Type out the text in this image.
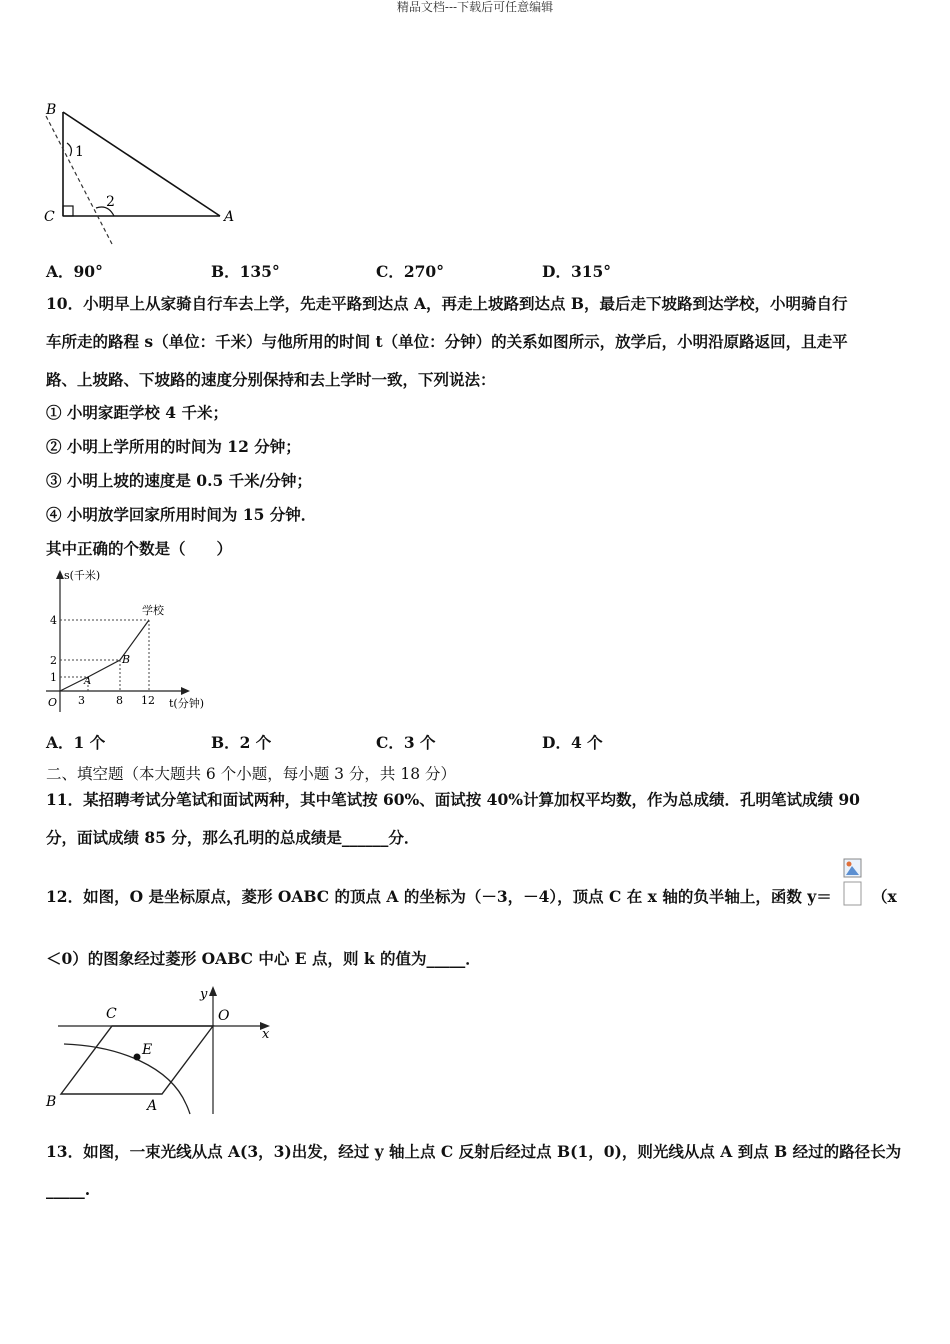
精品文档---下载后可任意编辑
B
C	A
1
2
A．90°	B．135°	C．270°	D．315°
10．小明早上从家骑自行车去上学，先走平路到达点 A，再走上坡路到达点 B，最后走下坡路到达学校，小明骑自行
车所走的路程 s（单位：千米）与他所用的时间 t（单位：分钟）的关系如图所示，放学后，小明沿原路返回，且走平
路、上坡路、下坡路的速度分别保持和去上学时一致，下列说法：
① 小明家距学校 4 千米；
② 小明上学所用的时间为 12 分钟；
③ 小明上坡的速度是 0.5 千米/分钟；
④ 小明放学回家所用时间为 15 分钟．
其中正确的个数是（　　）
s(千米)
t(分钟)
学校
O
4
2
1
3	8 12
A
B
A．1 个	B．2 个	C．3 个	D．4 个
二、填空题（本大题共 6 个小题，每小题 3 分，共 18 分）
11．某招聘考试分笔试和面试两种，其中笔试按 60%、面试按 40%计算加权平均数，作为总成绩．孔明笔试成绩 90
分，面试成绩 85 分，那么孔明的总成绩是______分．
12．如图，O 是坐标原点，菱形 OABC 的顶点 A 的坐标为（－3，－4），顶点 C 在 x 轴的负半轴上，函数 y＝	（x
＜0）的图象经过菱形 OABC 中心 E 点，则 k 的值为_____．
C	O
x
y
E
B	A
13．如图，一束光线从点 A(3，3)出发，经过 y 轴上点 C 反射后经过点 B(1，0)，则光线从点 A 到点 B 经过的路径长为
_____.
